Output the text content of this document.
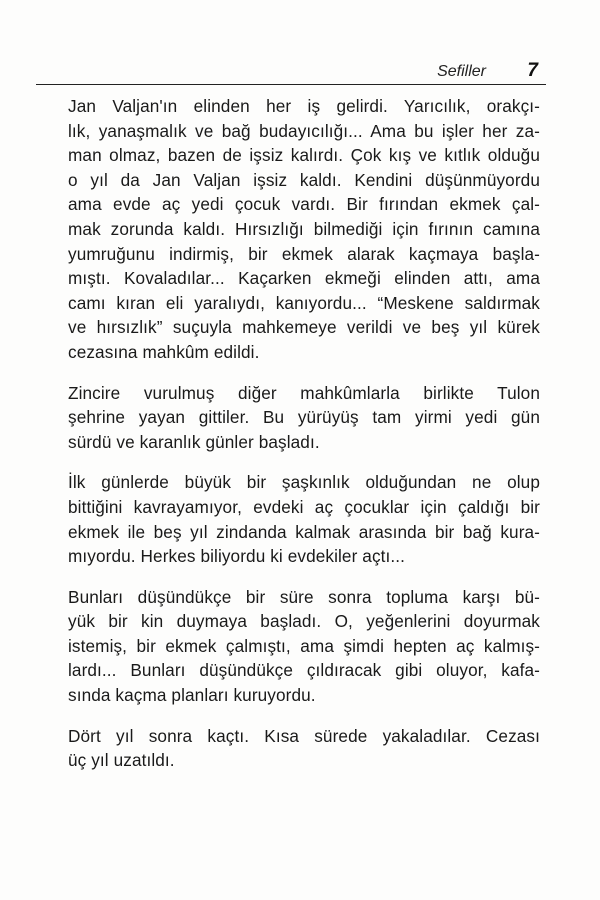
Sefiller 7
Jan Valjan'ın elinden her iş gelirdi. Yarıcılık, orakçı-
lık, yanaşmalık ve bağ budayıcılığı... Ama bu işler her za-
man olmaz, bazen de işsiz kalırdı. Çok kış ve kıtlık olduğu
o yıl da Jan Valjan işsiz kaldı. Kendini düşünmüyordu
ama evde aç yedi çocuk vardı. Bir fırından ekmek çal-
mak zorunda kaldı. Hırsızlığı bilmediği için fırının camına
yumruğunu indirmiş, bir ekmek alarak kaçmaya başla-
mıştı. Kovaladılar... Kaçarken ekmeği elinden attı, ama
camı kıran eli yaralıydı, kanıyordu... “Meskene saldırmak
ve hırsızlık” suçuyla mahkemeye verildi ve beş yıl kürek
cezasına mahkûm edildi.
Zincire vurulmuş diğer mahkûmlarla birlikte Tulon
şehrine yayan gittiler. Bu yürüyüş tam yirmi yedi gün
sürdü ve karanlık günler başladı.
İlk günlerde büyük bir şaşkınlık olduğundan ne olup
bittiğini kavrayamıyor, evdeki aç çocuklar için çaldığı bir
ekmek ile beş yıl zindanda kalmak arasında bir bağ kura-
mıyordu. Herkes biliyordu ki evdekiler açtı...
Bunları düşündükçe bir süre sonra topluma karşı bü-
yük bir kin duymaya başladı. O, yeğenlerini doyurmak
istemiş, bir ekmek çalmıştı, ama şimdi hepten aç kalmış-
lardı... Bunları düşündükçe çıldıracak gibi oluyor, kafa-
sında kaçma planları kuruyordu.
Dört yıl sonra kaçtı. Kısa sürede yakaladılar. Cezası
üç yıl uzatıldı.
